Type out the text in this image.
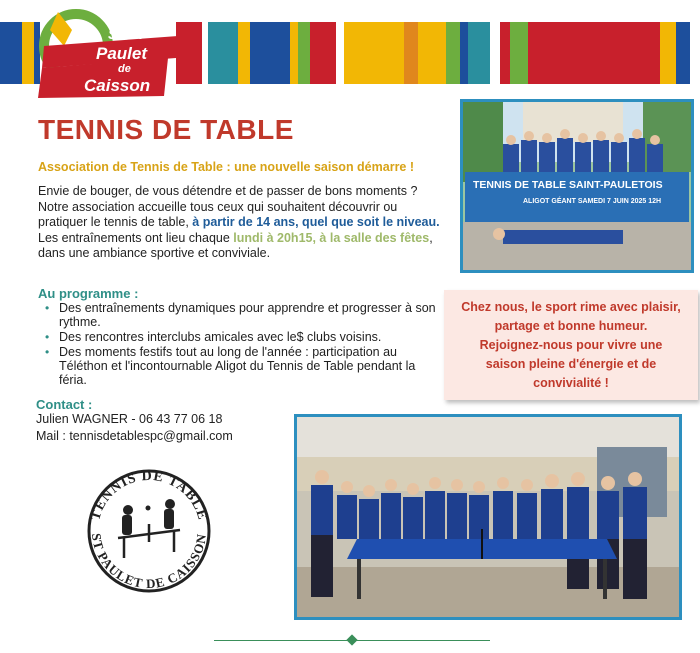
Saint
Paulet
de
Caisson
TENNIS DE TABLE
Association de Tennis de Table : une nouvelle saison démarre !

Envie de bouger, de vous détendre et de passer de bons moments ? Notre association accueille tous ceux qui souhaitent découvrir ou pratiquer le tennis de table, à partir de 14 ans, quel que soit le niveau.

Les entraînements ont lieu chaque lundi à 20h15, à la salle des fêtes, dans une ambiance sportive et conviviale.

Au programme :
• Des entraînements dynamiques pour apprendre et progresser à son rythme.
• Des rencontres interclubs amicales avec le$ clubs voisins.
• Des moments festifs tout au long de l'année : participation au Téléthon et l'incontournable Aligot du Tennis de Table pendant la féria.
Contact :
Julien WAGNER - 06 43 77 06 18
Mail : tennisdetablespc@gmail.com
TENNIS DE TABLE SAINT-PAULETOIS
ALIGOT GÉANT SAMEDI 7 JUIN 2025 12H
Chez nous, le sport rime avec plaisir,
partage et bonne humeur.
Rejoignez-nous pour vivre une
saison pleine d'énergie et de
convivialité !
TENNIS DE TABLE
ST PAULET DE CAISSON
